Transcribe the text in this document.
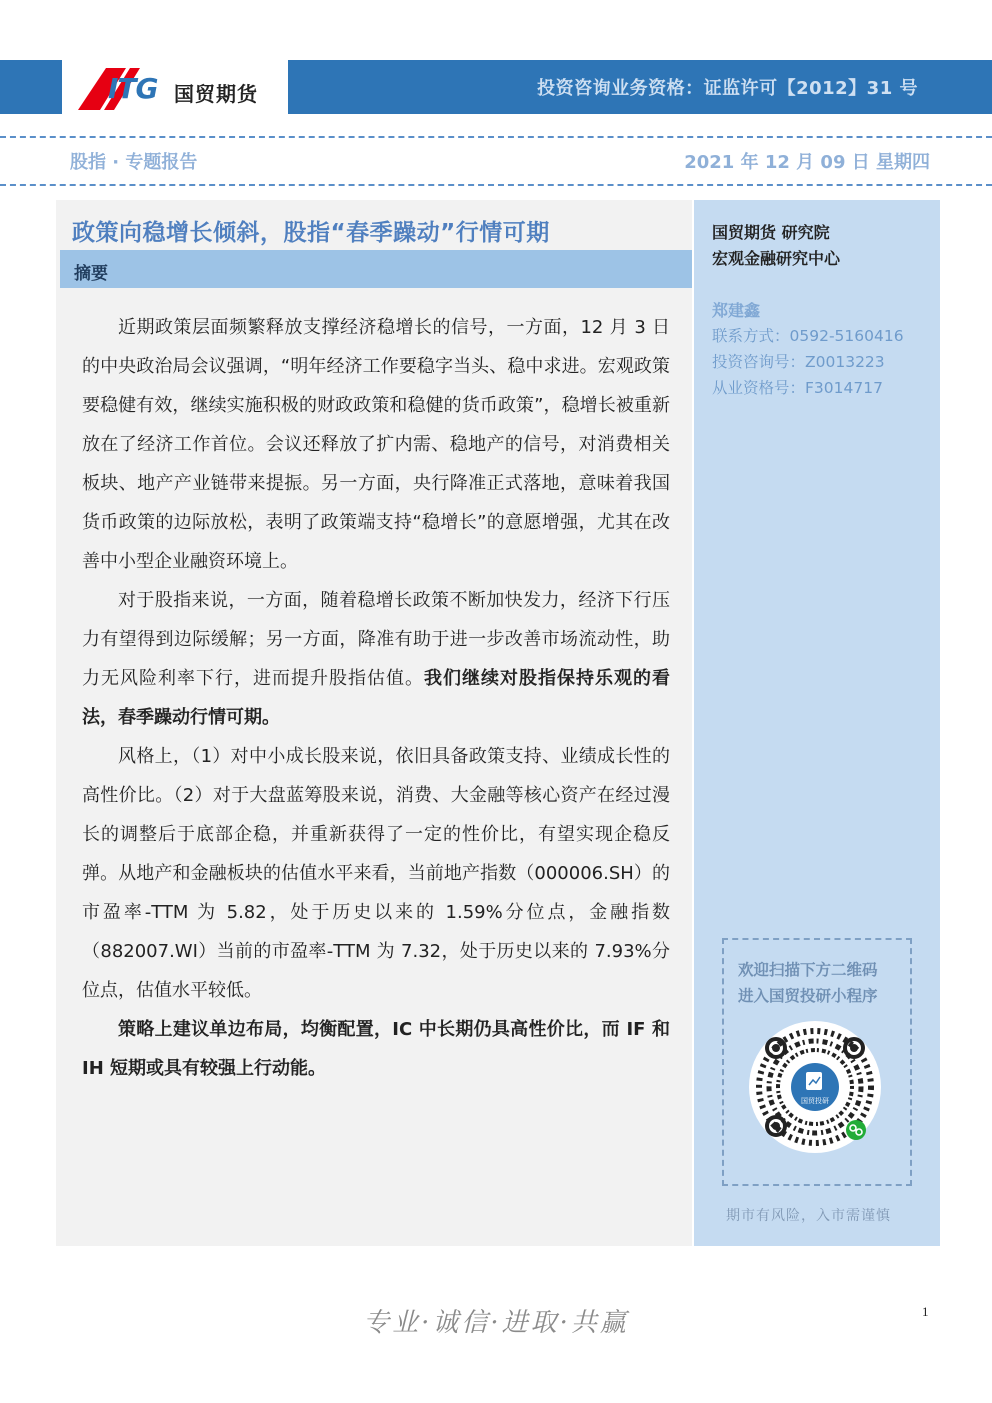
投资咨询业务资格：证监许可【2012】31 号
ITG 国贸期货
股指 · 专题报告	2021 年 12 月 09 日 星期四
政策向稳增长倾斜，股指“春季躁动”行情可期
摘要

近期政策层面频繁释放支撑经济稳增长的信号，一方面，12 月 3 日的中央政治局会议强调，“明年经济工作要稳字当头、稳中求进。宏观政策要稳健有效，继续实施积极的财政政策和稳健的货币政策”，稳增长被重新放在了经济工作首位。会议还释放了扩内需、稳地产的信号，对消费相关板块、地产产业链带来提振。另一方面，央行降准正式落地，意味着我国货币政策的边际放松，表明了政策端支持“稳增长”的意愿增强，尤其在改善中小型企业融资环境上。

对于股指来说，一方面，随着稳增长政策不断加快发力，经济下行压力有望得到边际缓解；另一方面，降准有助于进一步改善市场流动性，助力无风险利率下行，进而提升股指估值。我们继续对股指保持乐观的看法，春季躁动行情可期。

风格上，（1）对中小成长股来说，依旧具备政策支持、业绩成长性的高性价比。（2）对于大盘蓝筹股来说，消费、大金融等核心资产在经过漫长的调整后于底部企稳，并重新获得了一定的性价比，有望实现企稳反弹。从地产和金融板块的估值水平来看，当前地产指数（000006.SH）的市盈率-TTM 为 5.82，处于历史以来的 1.59%分位点，金融指数（882007.WI）当前的市盈率-TTM 为 7.32，处于历史以来的 7.93%分位点，估值水平较低。

策略上建议单边布局，均衡配置，IC 中长期仍具高性价比，而 IF 和 IH 短期或具有较强上行动能。

国贸期货 研究院
宏观金融研究中心
郑建鑫
联系方式：0592-5160416
投资咨询号：Z0013223
从业资格号：F3014717
欢迎扫描下方二维码
进入国贸投研小程序
国贸投研
期市有风险，入市需谨慎
专业·诚信·进取·共赢	1
